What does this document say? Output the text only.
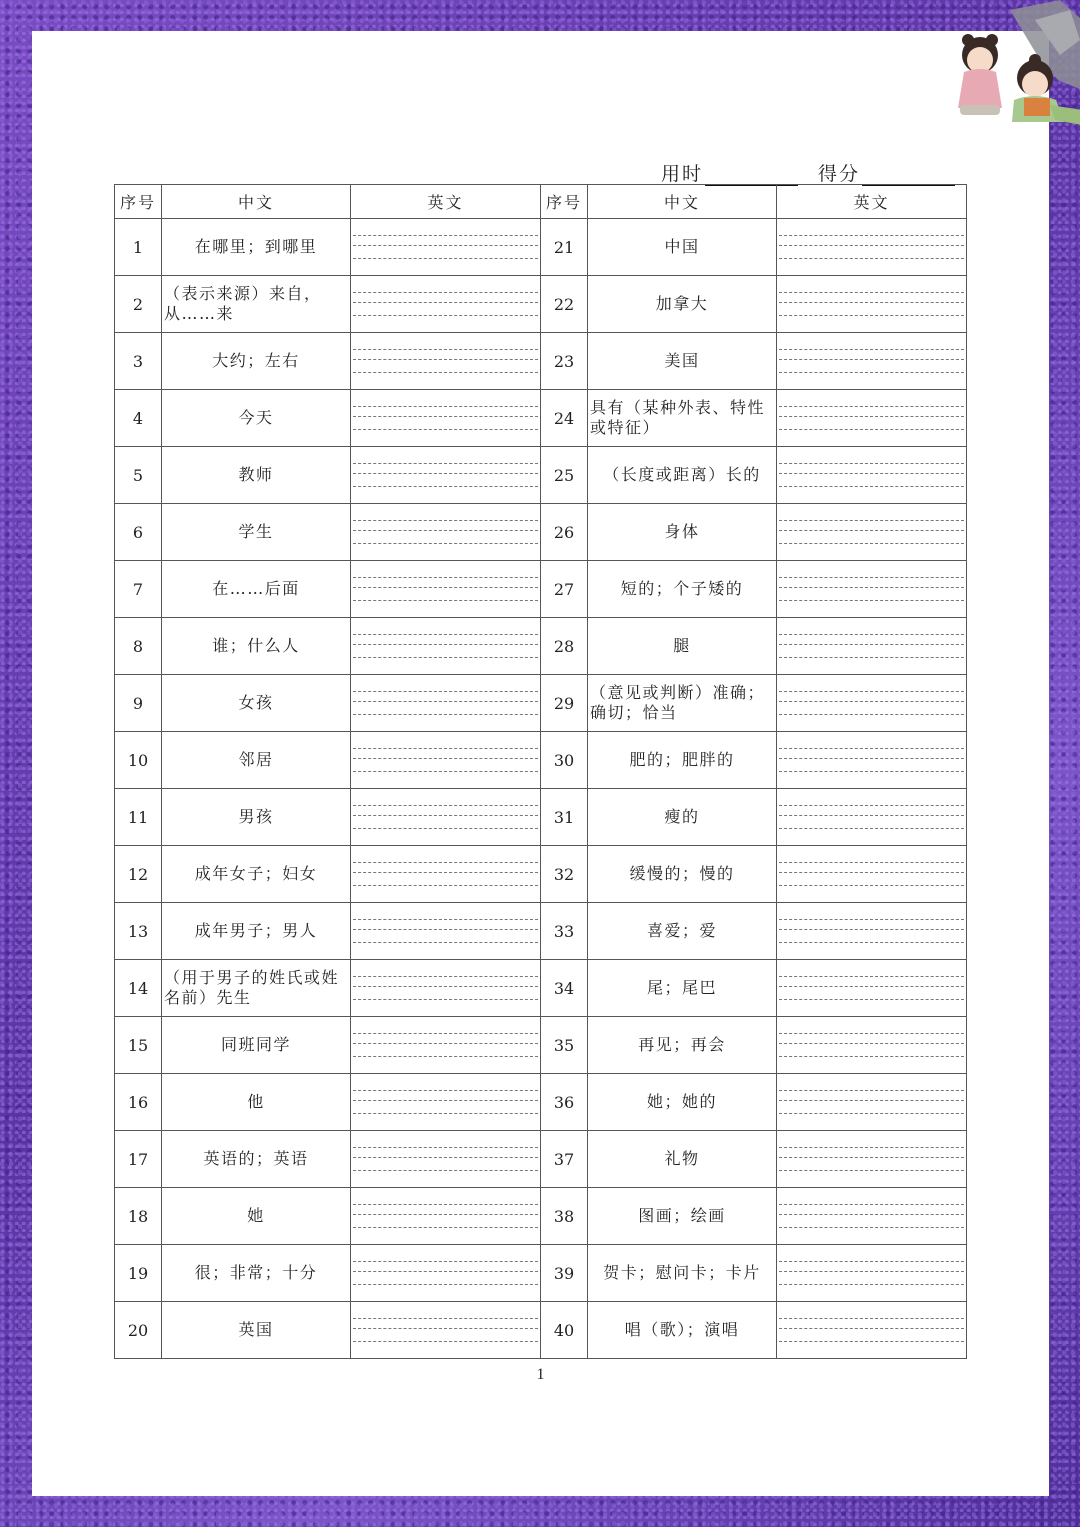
用时	得分
序号	中文	英文	序号	中文	英文
1	在哪里；到哪里		21	中国	

2	（表示来源）来自，从……来		22	加拿大	

3	大约；左右		23	美国	

4	今天		24	具有（某种外表、特性或特征）	

5	教师		25	（长度或距离）长的	

6	学生		26	身体	

7	在……后面		27	短的；个子矮的	

8	谁；什么人		28	腿	

9	女孩		29	（意见或判断）准确；确切；恰当	

10	邻居		30	肥的；肥胖的	

11	男孩		31	瘦的	

12	成年女子；妇女		32	缓慢的；慢的	

13	成年男子；男人		33	喜爱；爱	

14	（用于男子的姓氏或姓名前）先生		34	尾；尾巴	

15	同班同学		35	再见；再会	

16	他		36	她；她的	

17	英语的；英语		37	礼物	

18	她		38	图画；绘画	

19	很；非常；十分		39	贺卡；慰问卡；卡片	

20	英国		40	唱（歌）；演唱	
1
